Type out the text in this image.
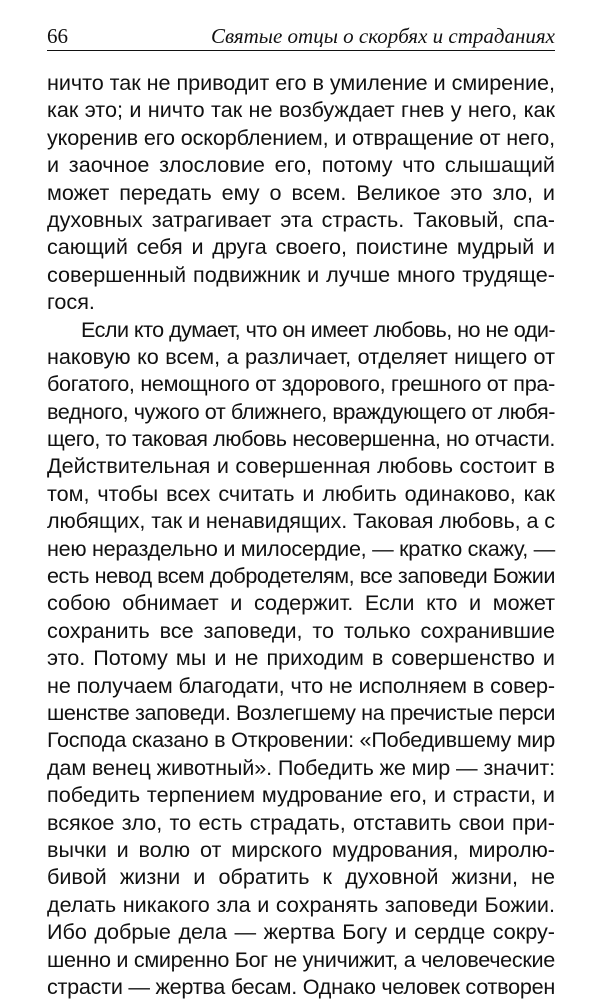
66	Святые отцы о скорбях и страданиях
ничто так не приводит его в умиление и смирение,
как это; и ничто так не возбуждает гнев у него, как
укоренив его оскорблением, и отвращение от него,
и заочное злословие его, потому что слышащий
может передать ему о всем. Великое это зло, и
духовных затрагивает эта страсть. Таковый, спа-
сающий себя и друга своего, поистине мудрый и
совершенный подвижник и лучше много трудяще-
гося.
Если кто думает, что он имеет любовь, но не оди-
наковую ко всем, а различает, отделяет нищего от
богатого, немощного от здорового, грешного от пра-
ведного, чужого от ближнего, враждующего от любя-
щего, то таковая любовь несовершенна, но отчасти.
Действительная и совершенная любовь состоит в
том, чтобы всех считать и любить одинаково, как
любящих, так и ненавидящих. Таковая любовь, а с
нею нераздельно и милосердие, — кратко скажу, —
есть невод всем добродетелям, все заповеди Божии
собою обнимает и содержит. Если кто и может
сохранить все заповеди, то только сохранившие
это. Потому мы и не приходим в совершенство и
не получаем благодати, что не исполняем в совер-
шенстве заповеди. Возлегшему на пречистые перси
Господа сказано в Откровении: «Победившему мир
дам венец животный». Победить же мир — значит:
победить терпением мудрование его, и страсти, и
всякое зло, то есть страдать, отставить свои при-
вычки и волю от мирского мудрования, миролю-
бивой жизни и обратить к духовной жизни, не
делать никакого зла и сохранять заповеди Божии.
Ибо добрые дела — жертва Богу и сердце сокру-
шенно и смиренно Бог не уничижит, а человеческие
страсти — жертва бесам. Однако человек сотворен
